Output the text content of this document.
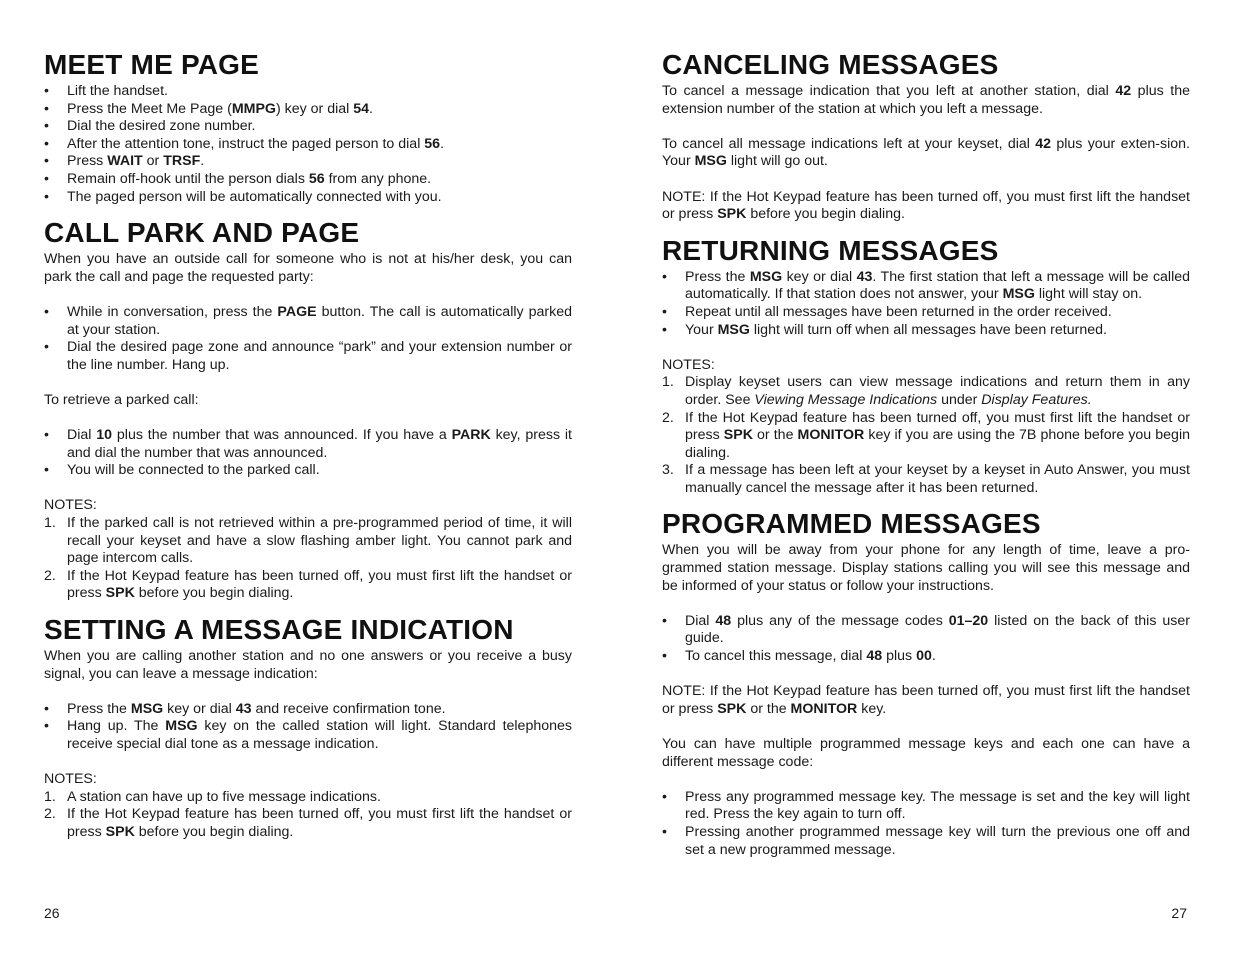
MEET ME PAGE
• Lift the handset.
• Press the Meet Me Page (MMPG) key or dial 54.
• Dial the desired zone number.
• After the attention tone, instruct the paged person to dial 56.
• Press WAIT or TRSF.
• Remain off-hook until the person dials 56 from any phone.
• The paged person will be automatically connected with you.
CALL PARK AND PAGE

When you have an outside call for someone who is not at his/her desk, you can park the call and page the requested party:

• While in conversation, press the PAGE button. The call is automatically parked at your station.
• Dial the desired page zone and announce “park” and your extension number or the line number. Hang up.

To retrieve a parked call:

• Dial 10 plus the number that was announced. If you have a PARK key, press it and dial the number that was announced.
• You will be connected to the parked call.

NOTES:

1. If the parked call is not retrieved within a pre-programmed period of time, it will recall your keyset and have a slow flashing amber light. You cannot park and page intercom calls.
2. If the Hot Keypad feature has been turned off, you must first lift the handset or press SPK before you begin dialing.
SETTING A MESSAGE INDICATION

When you are calling another station and no one answers or you receive a busy signal, you can leave a message indication:

• Press the MSG key or dial 43 and receive confirmation tone.
• Hang up. The MSG key on the called station will light. Standard telephones receive special dial tone as a message indication.

NOTES:

1. A station can have up to five message indications.
2. If the Hot Keypad feature has been turned off, you must first lift the handset or press SPK before you begin dialing.
CANCELING MESSAGES

To cancel a message indication that you left at another station, dial 42 plus the extension number of the station at which you left a message.

To cancel all message indications left at your keyset, dial 42 plus your exten-sion. Your MSG light will go out.

NOTE: If the Hot Keypad feature has been turned off, you must first lift the handset or press SPK before you begin dialing.

RETURNING MESSAGES
• Press the MSG key or dial 43. The first station that left a message will be called automatically. If that station does not answer, your MSG light will stay on.
• Repeat until all messages have been returned in the order received.
• Your MSG light will turn off when all messages have been returned.

NOTES:

1. Display keyset users can view message indications and return them in any order. See Viewing Message Indications under Display Features.
2. If the Hot Keypad feature has been turned off, you must first lift the handset or press SPK or the MONITOR key if you are using the 7B phone before you begin dialing.
3. If a message has been left at your keyset by a keyset in Auto Answer, you must manually cancel the message after it has been returned.
PROGRAMMED MESSAGES

When you will be away from your phone for any length of time, leave a pro-grammed station message. Display stations calling you will see this message and be informed of your status or follow your instructions.

• Dial 48 plus any of the message codes 01–20 listed on the back of this user guide.
• To cancel this message, dial 48 plus 00.

NOTE: If the Hot Keypad feature has been turned off, you must first lift the handset or press SPK or the MONITOR key.

You can have multiple programmed message keys and each one can have a different message code:

• Press any programmed message key. The message is set and the key will light red. Press the key again to turn off.
• Pressing another programmed message key will turn the previous one off and set a new programmed message.
26	27
